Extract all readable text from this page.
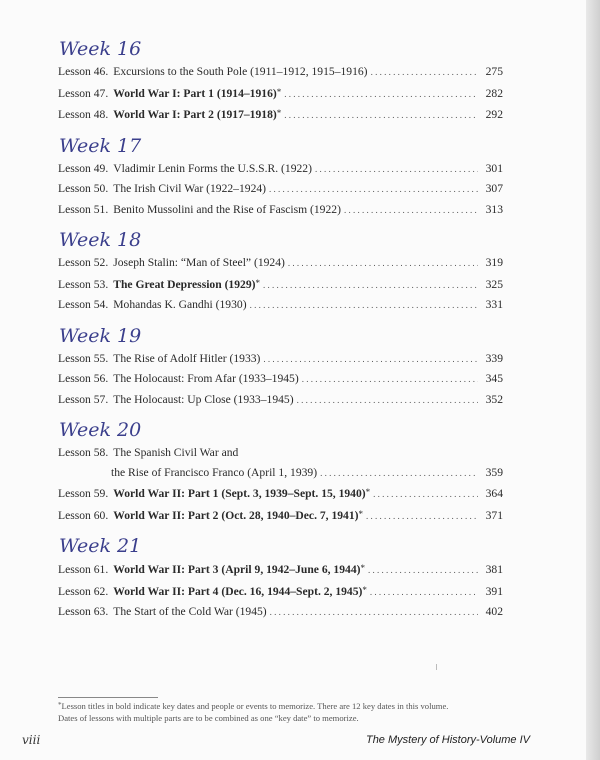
Week 16
Lesson 46. Excursions to the South Pole (1911–1912, 1915–1916) . . .	275
Lesson 47. World War I: Part 1 (1914–1916)* . . .	282
Lesson 48. World War I: Part 2 (1917–1918)* . . .	292
Week 17
Lesson 49. Vladimir Lenin Forms the U.S.S.R. (1922) . . .	301
Lesson 50. The Irish Civil War (1922–1924) . . .	307
Lesson 51. Benito Mussolini and the Rise of Fascism (1922) . . .	313
Week 18
Lesson 52. Joseph Stalin: “Man of Steel” (1924) . . .	319
Lesson 53. The Great Depression (1929)* . . .	325
Lesson 54. Mohandas K. Gandhi (1930) . . .	331
Week 19
Lesson 55. The Rise of Adolf Hitler (1933) . . .	339
Lesson 56. The Holocaust: From Afar (1933–1945) . . .	345
Lesson 57. The Holocaust: Up Close (1933–1945) . . .	352
Week 20
Lesson 58. The Spanish Civil War and
the Rise of Francisco Franco (April 1, 1939) . . .	359
Lesson 59. World War II: Part 1 (Sept. 3, 1939–Sept. 15, 1940)* . . .	364
Lesson 60. World War II: Part 2 (Oct. 28, 1940–Dec. 7, 1941)* . . .	371
Week 21
Lesson 61. World War II: Part 3 (April 9, 1942–June 6, 1944)* . . .	381
Lesson 62. World War II: Part 4 (Dec. 16, 1944–Sept. 2, 1945)* . . .	391
Lesson 63. The Start of the Cold War (1945) . . .	402
*Lesson titles in bold indicate key dates and people or events to memorize. There are 12 key dates in this volume.
Dates of lessons with multiple parts are to be combined as one “key date” to memorize.
viii	The Mystery of History-Volume IV
